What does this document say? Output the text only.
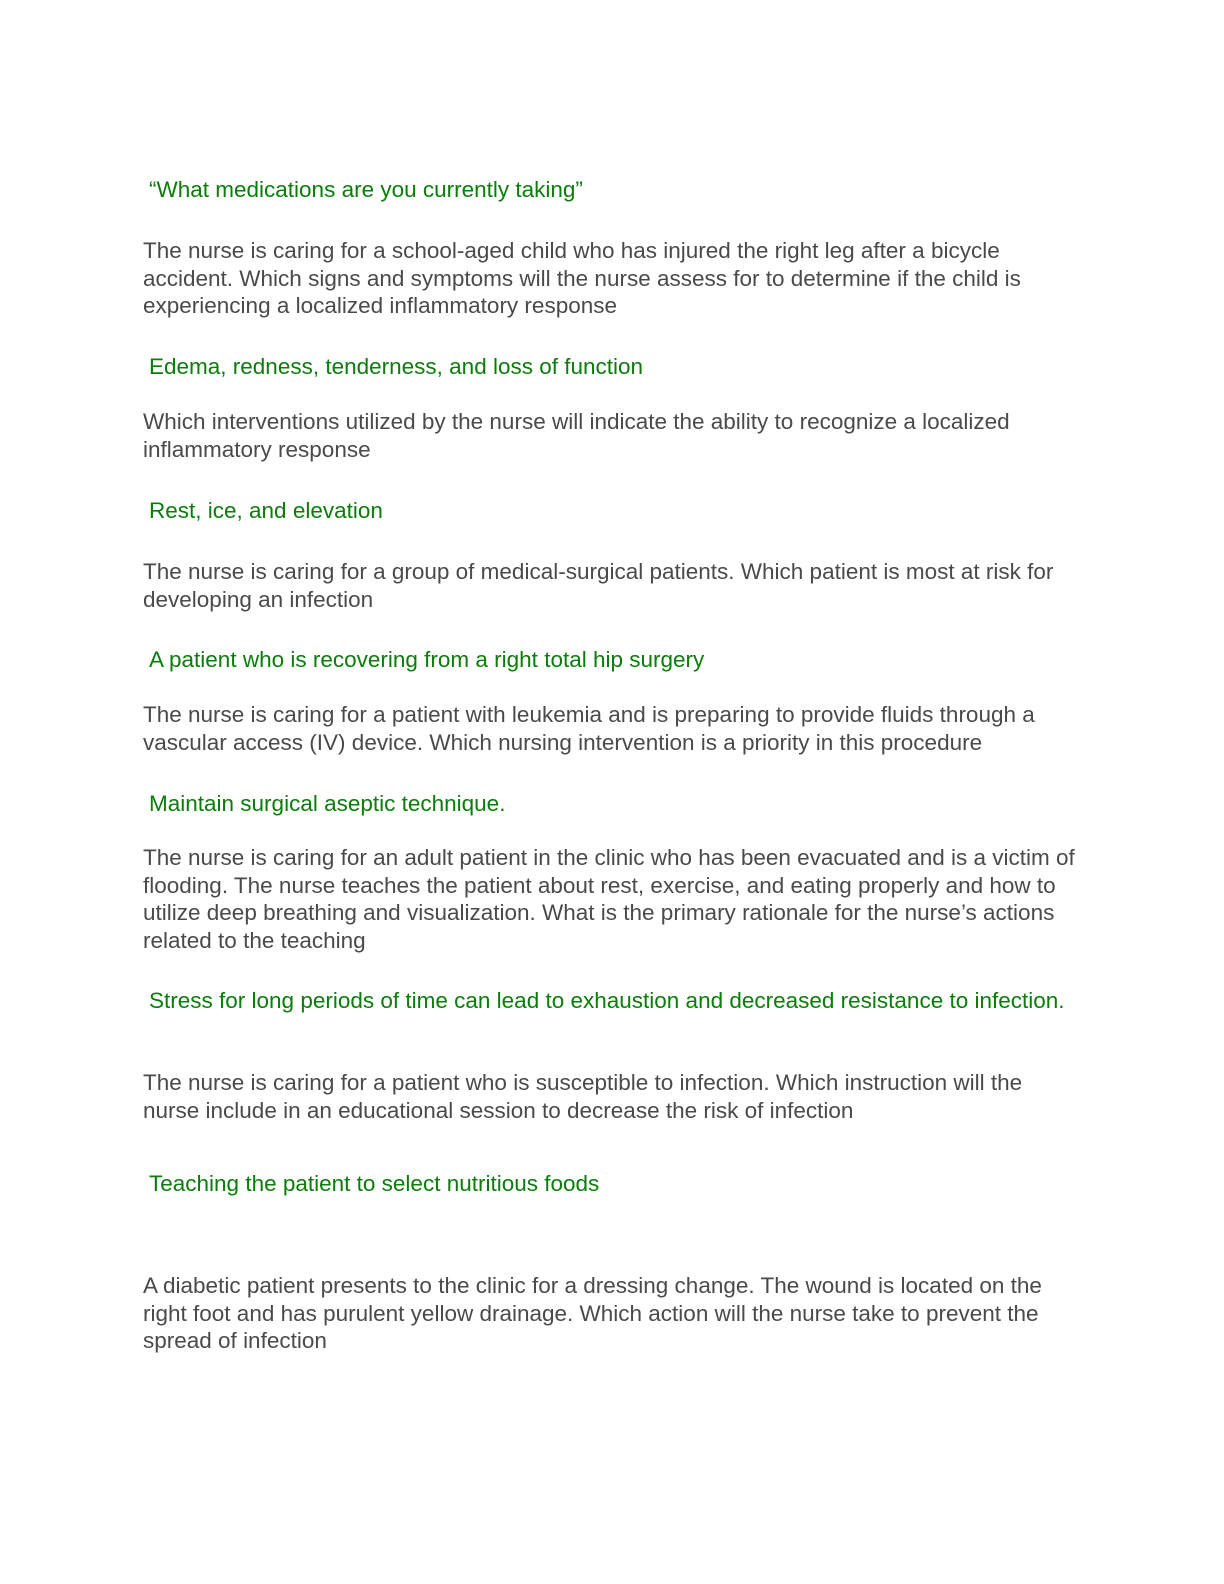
“What medications are you currently taking”

The nurse is caring for a school-aged child who has injured the right leg after a bicycle accident. Which signs and symptoms will the nurse assess for to determine if the child is experiencing a localized inflammatory response

Edema, redness, tenderness, and loss of function

Which interventions utilized by the nurse will indicate the ability to recognize a localized inflammatory response

Rest, ice, and elevation

The nurse is caring for a group of medical-surgical patients. Which patient is most at risk for developing an infection

A patient who is recovering from a right total hip surgery

The nurse is caring for a patient with leukemia and is preparing to provide fluids through a vascular access (IV) device. Which nursing intervention is a priority in this procedure

Maintain surgical aseptic technique.

The nurse is caring for an adult patient in the clinic who has been evacuated and is a victim of flooding. The nurse teaches the patient about rest, exercise, and eating properly and how to utilize deep breathing and visualization. What is the primary rationale for the nurse’s actions related to the teaching

Stress for long periods of time can lead to exhaustion and decreased resistance to infection.

The nurse is caring for a patient who is susceptible to infection. Which instruction will the nurse include in an educational session to decrease the risk of infection

Teaching the patient to select nutritious foods

A diabetic patient presents to the clinic for a dressing change. The wound is located on the right foot and has purulent yellow drainage. Which action will the nurse take to prevent the spread of infection
